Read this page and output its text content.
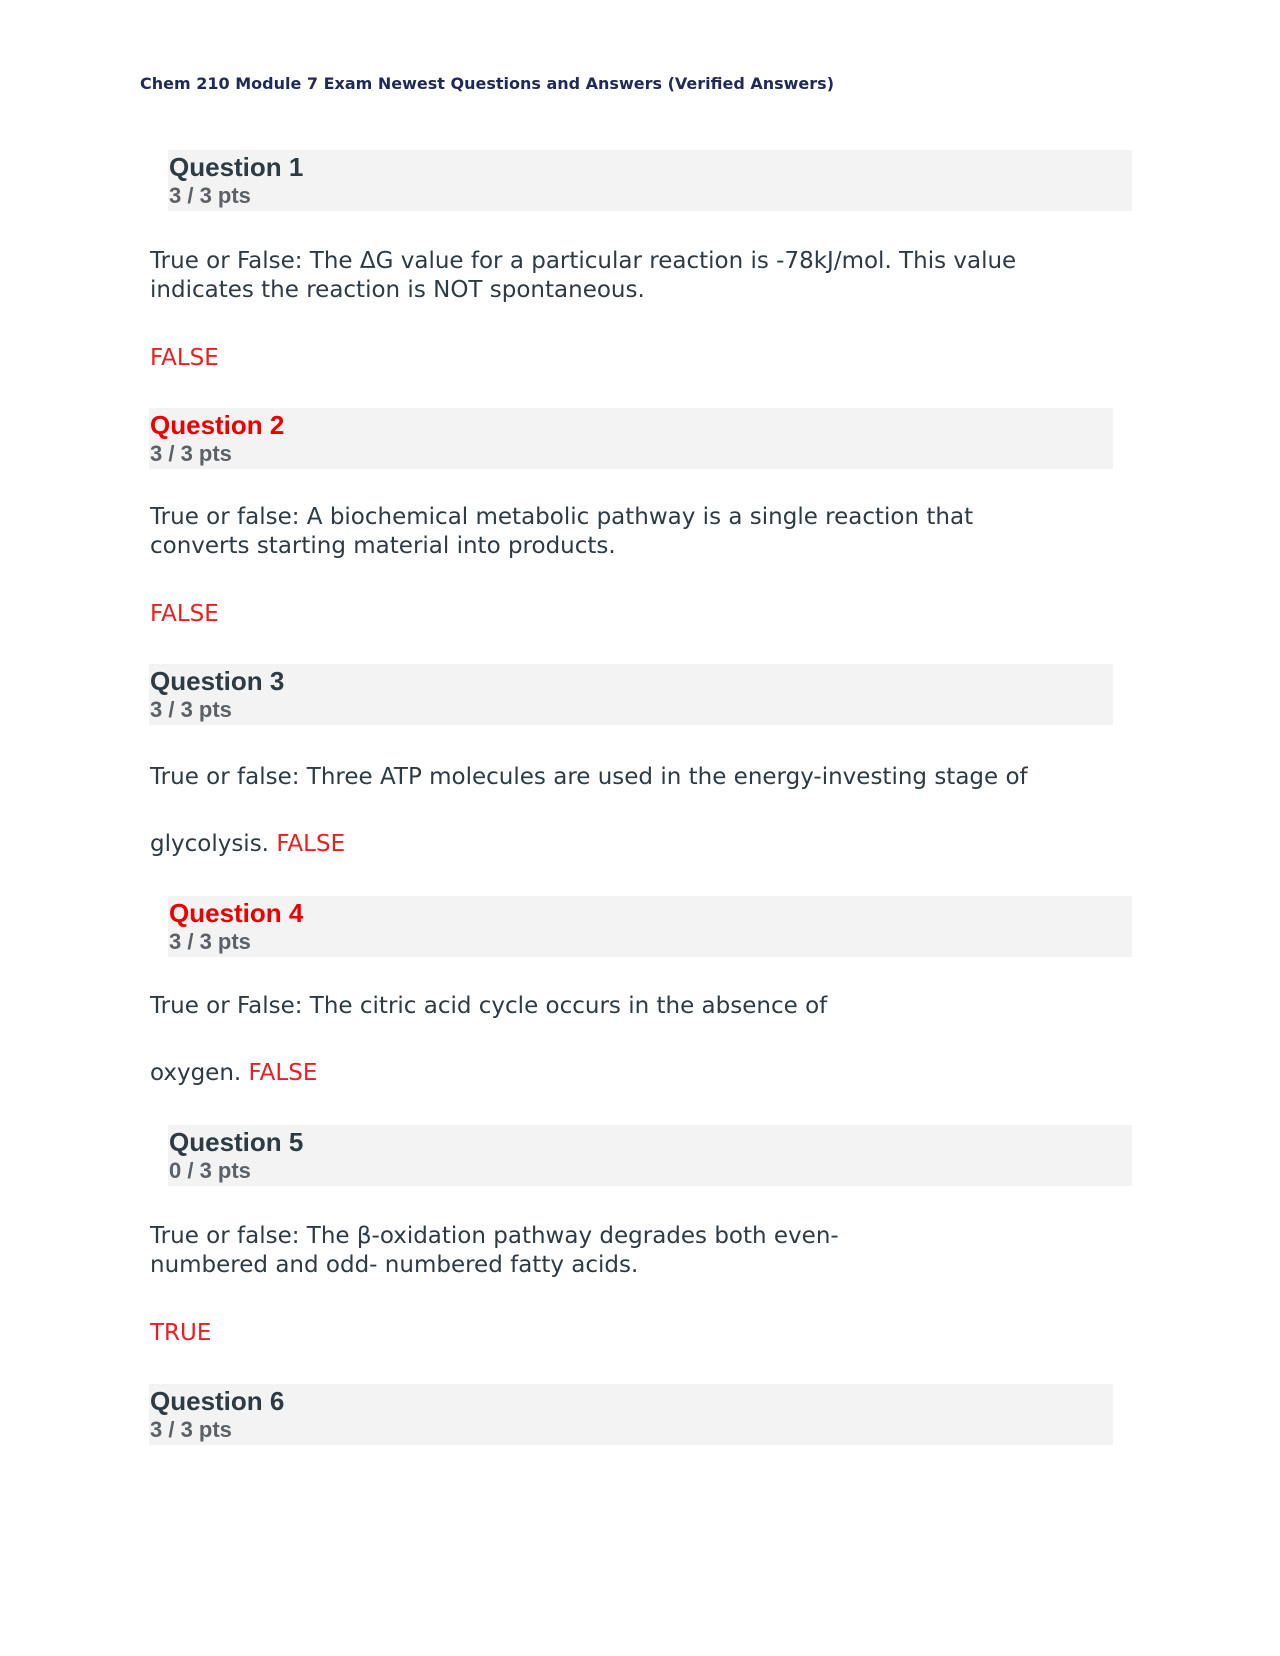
Chem 210 Module 7 Exam Newest Questions and Answers (Verified Answers)
Question 1
3 / 3 pts
True or False: The ΔG value for a particular reaction is -78kJ/mol. This value
indicates the reaction is NOT spontaneous.
FALSE
Question 2
3 / 3 pts
True or false: A biochemical metabolic pathway is a single reaction that
converts starting material into products.
FALSE
Question 3
3 / 3 pts
True or false: Three ATP molecules are used in the energy-investing stage of
glycolysis. FALSE
Question 4
3 / 3 pts
True or False: The citric acid cycle occurs in the absence of
oxygen. FALSE
Question 5
0 / 3 pts
True or false: The β-oxidation pathway degrades both even-
numbered and odd- numbered fatty acids.
TRUE
Question 6
3 / 3 pts
